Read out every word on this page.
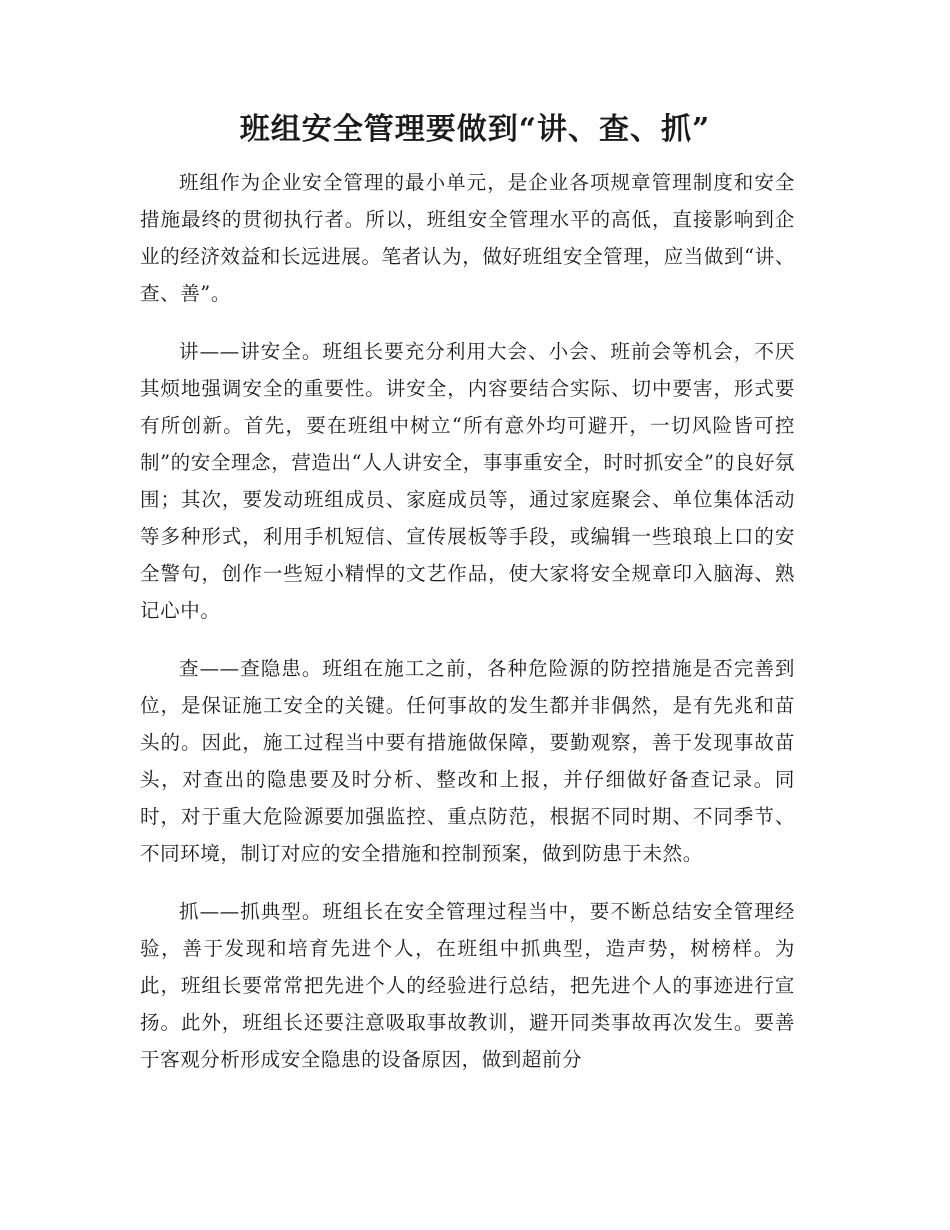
班组安全管理要做到“讲、查、抓”

班组作为企业安全管理的最小单元，是企业各项规章管理制度和安全措施最终的贯彻执行者。所以，班组安全管理水平的高低，直接影响到企业的经济效益和长远进展。笔者认为，做好班组安全管理，应当做到“讲、查、善”。

讲——讲安全。班组长要充分利用大会、小会、班前会等机会，不厌其烦地强调安全的重要性。讲安全，内容要结合实际、切中要害，形式要有所创新。首先，要在班组中树立“所有意外均可避开，一切风险皆可控制”的安全理念，营造出“人人讲安全，事事重安全，时时抓安全”的良好氛围；其次，要发动班组成员、家庭成员等，通过家庭聚会、单位集体活动等多种形式，利用手机短信、宣传展板等手段，或编辑一些琅琅上口的安全警句，创作一些短小精悍的文艺作品，使大家将安全规章印入脑海、熟记心中。

查——查隐患。班组在施工之前，各种危险源的防控措施是否完善到位，是保证施工安全的关键。任何事故的发生都并非偶然，是有先兆和苗头的。因此，施工过程当中要有措施做保障，要勤观察，善于发现事故苗头，对查出的隐患要及时分析、整改和上报，并仔细做好备查记录。同时，对于重大危险源要加强监控、重点防范，根据不同时期、不同季节、不同环境，制订对应的安全措施和控制预案，做到防患于未然。

抓——抓典型。班组长在安全管理过程当中，要不断总结安全管理经验，善于发现和培育先进个人，在班组中抓典型，造声势，树榜样。为此，班组长要常常把先进个人的经验进行总结，把先进个人的事迹进行宣扬。此外，班组长还要注意吸取事故教训，避开同类事故再次发生。要善于客观分析形成安全隐患的设备原因，做到超前分
